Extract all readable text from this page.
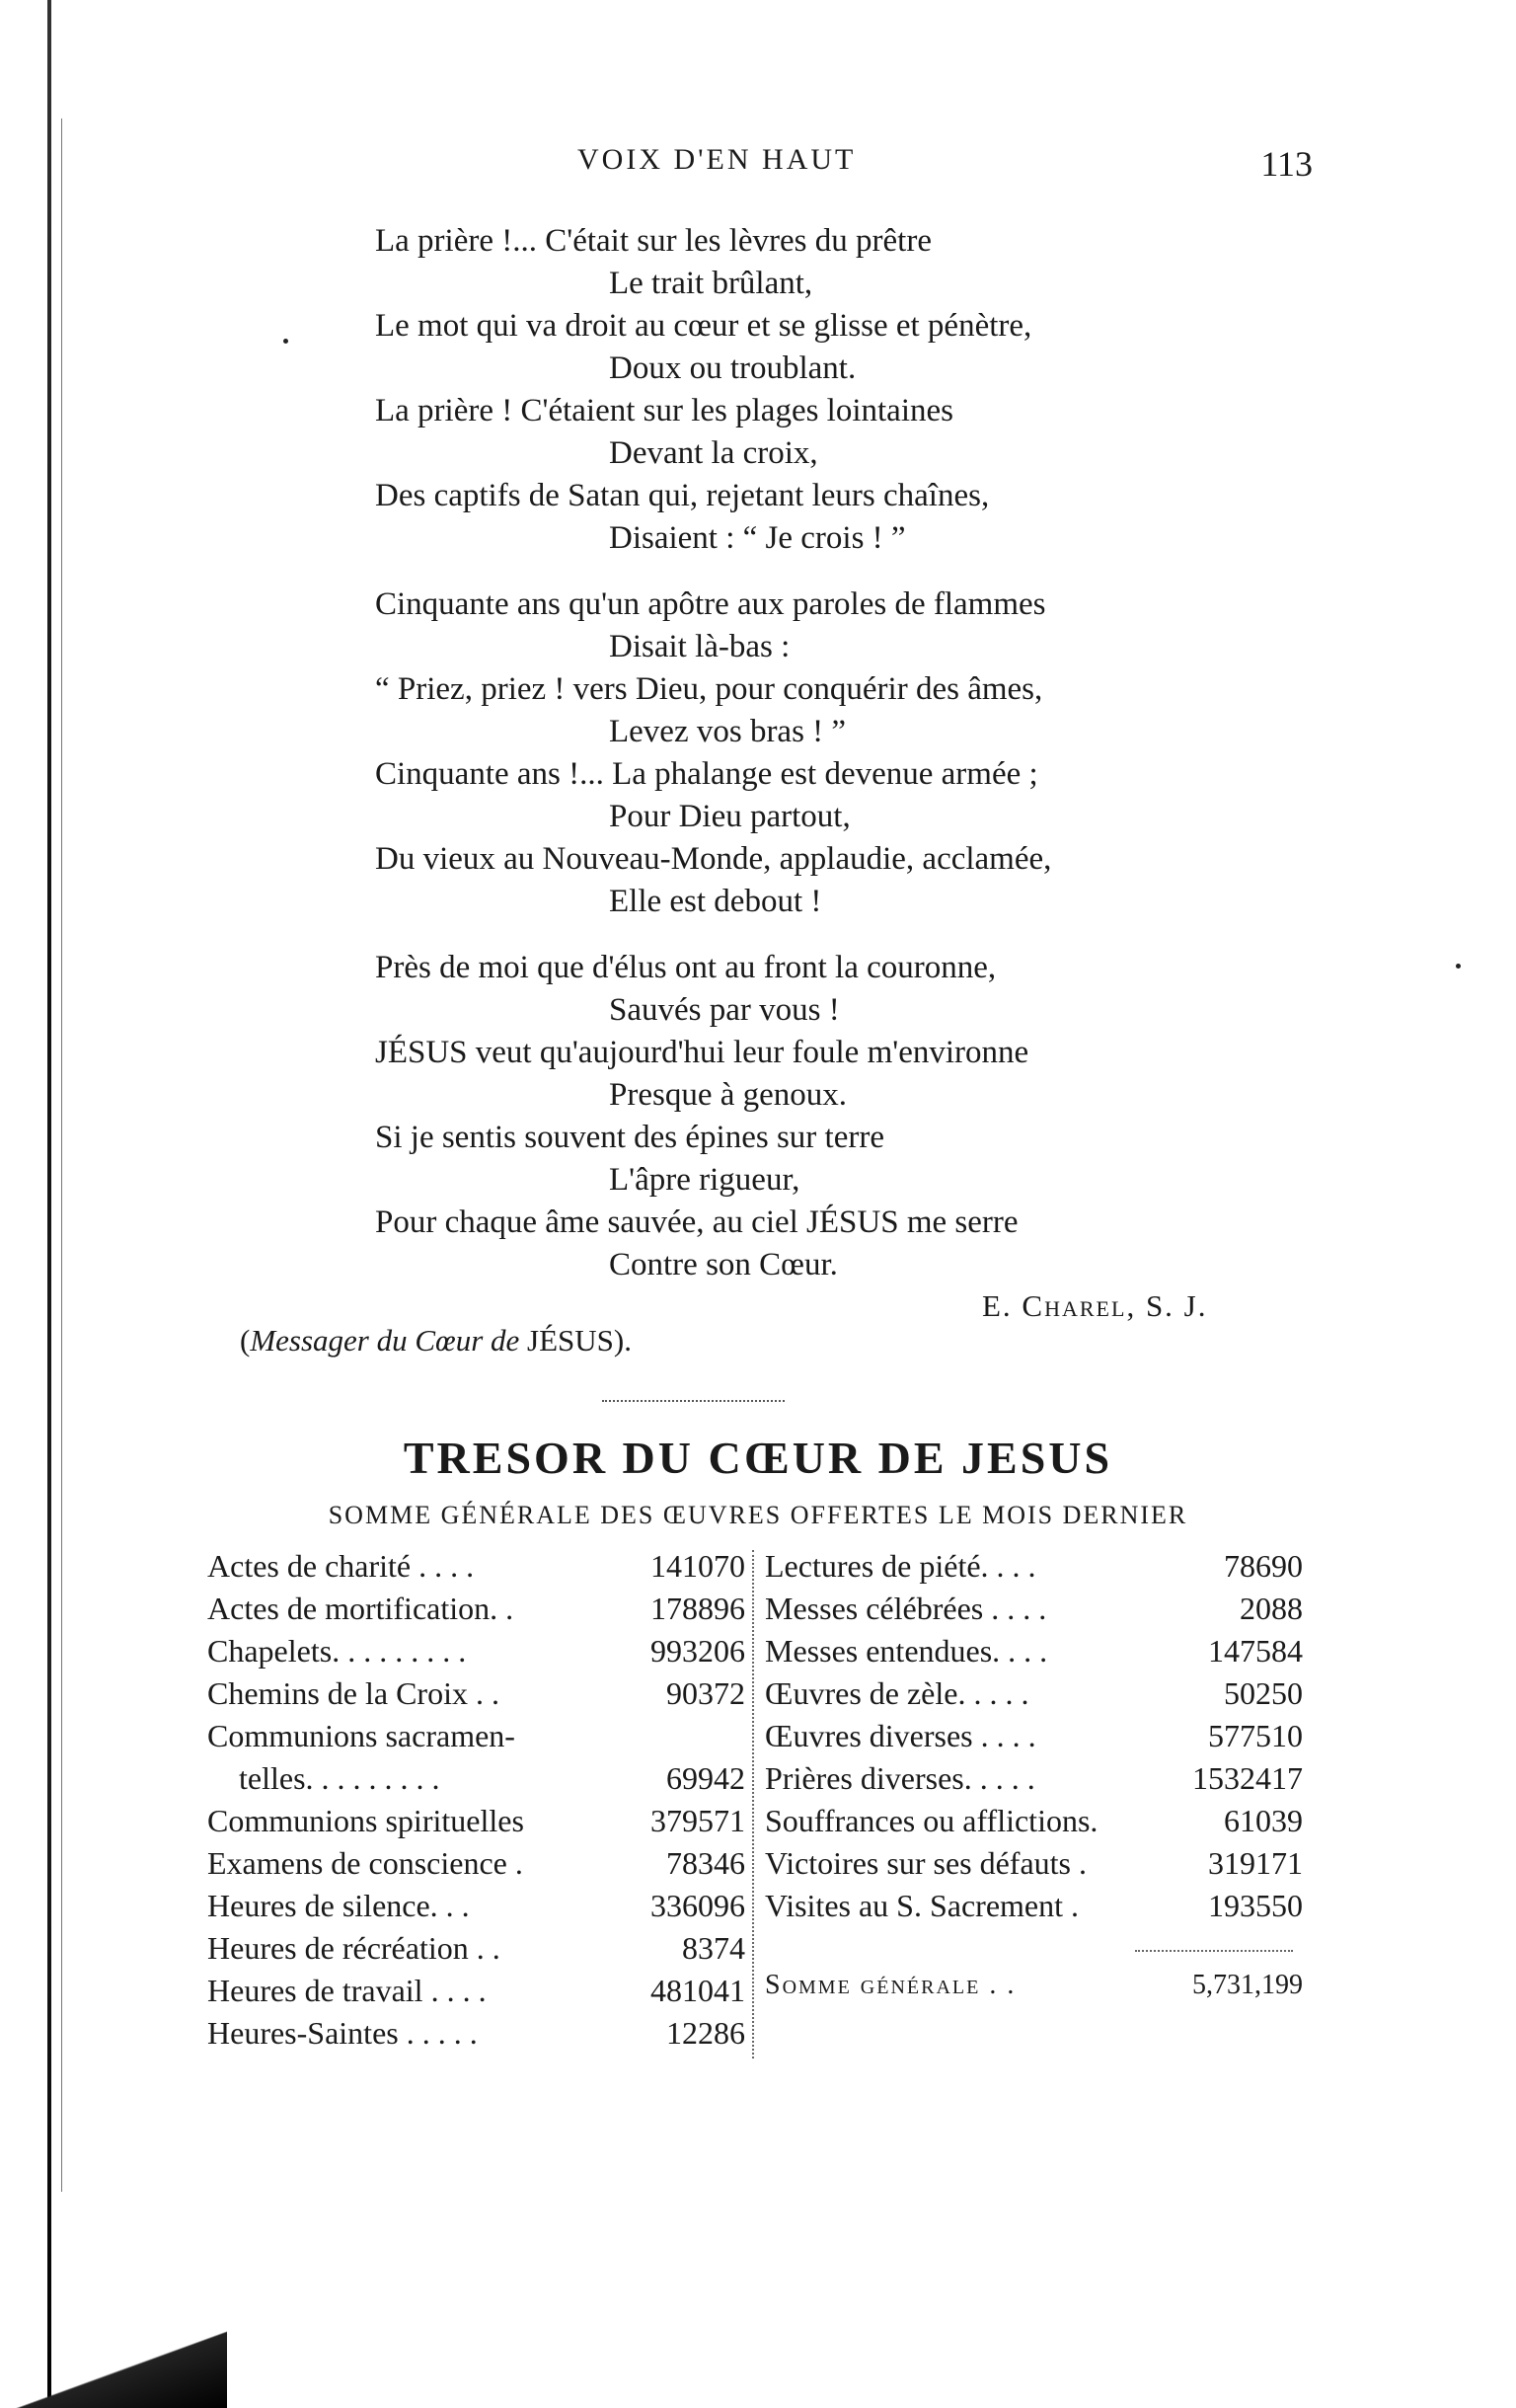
VOIX D'EN HAUT	113
La prière !... C'était sur les lèvres du prêtre
Le trait brûlant,
Le mot qui va droit au cœur et se glisse et pénètre,
Doux ou troublant.
La prière ! C'étaient sur les plages lointaines
Devant la croix,
Des captifs de Satan qui, rejetant leurs chaînes,
Disaient : “ Je crois ! ”
Cinquante ans qu'un apôtre aux paroles de flammes
Disait là-bas :
“ Priez, priez ! vers Dieu, pour conquérir des âmes,
Levez vos bras ! ”
Cinquante ans !... La phalange est devenue armée ;
Pour Dieu partout,
Du vieux au Nouveau-Monde, applaudie, acclamée,
Elle est debout !
Près de moi que d'élus ont au front la couronne,
Sauvés par vous !
JÉSUS veut qu'aujourd'hui leur foule m'environne
Presque à genoux.
Si je sentis souvent des épines sur terre
L'âpre rigueur,
Pour chaque âme sauvée, au ciel JÉSUS me serre
Contre son Cœur.
E. Charel, S. J.
(Messager du Cœur de JÉSUS).
TRESOR DU CŒUR DE JESUS
SOMME GÉNÉRALE DES ŒUVRES OFFERTES LE MOIS DERNIER
Actes de charité . . . .	141070
Actes de mortification. .	178896
Chapelets. . . . . . . . .	993206
Chemins de la Croix . .	90372
Communions sacramen-
telles. . . . . . . . .	69942
Communions spirituelles	379571
Examens de conscience .	78346
Heures de silence. . .	336096
Heures de récréation . .	8374
Heures de travail . . . .	481041
Heures-Saintes . . . . .	12286
Lectures de piété. . . .	78690
Messes célébrées . . . .	2088
Messes entendues. . . .	147584
Œuvres de zèle. . . . .	50250
Œuvres diverses . . . .	577510
Prières diverses. . . . .	1532417
Souffrances ou afflictions.	61039
Victoires sur ses défauts .	319171
Visites au S. Sacrement .	193550
Somme générale . .	5,731,199
